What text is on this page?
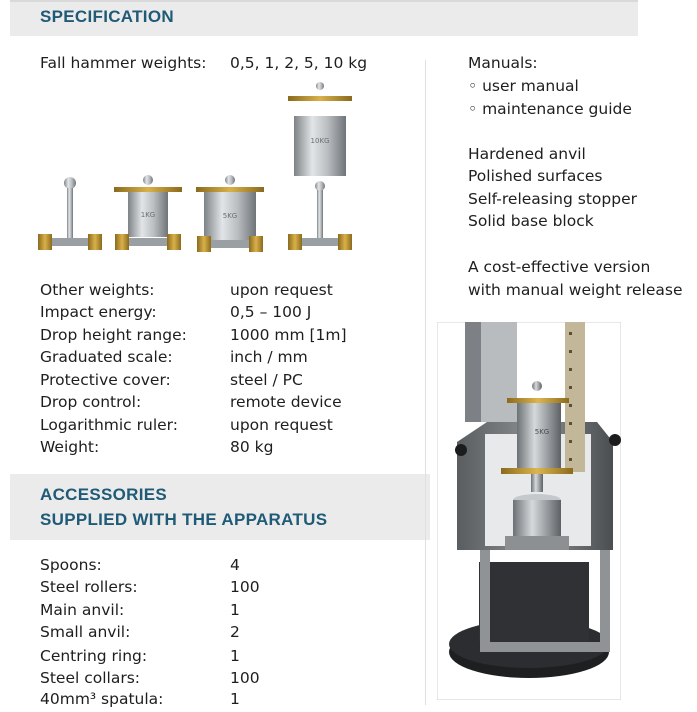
SPECIFICATION
Fall hammer weights: 0,5, 1, 2, 5, 10 kg
1KG	5KG
10KG
Other weights:	upon request
Impact energy:	0,5 – 100 J
Drop height range:	1000 mm [1m]
Graduated scale:	inch / mm
Protective cover:	steel / PC
Drop control:	remote device
Logarithmic ruler:	upon request
Weight:	80 kg
ACCESSORIES
SUPPLIED WITH THE APPARATUS
Spoons:	4
Steel rollers:	100
Main anvil:	1
Small anvil:	2
Centring ring:	1
Steel collars:	100
40mm³ spatula:	1
Manuals:
◦ user manual
◦ maintenance guide
Hardened anvil
Polished surfaces
Self-releasing stopper
Solid base block
A cost-effective version
with manual weight release
5KG
